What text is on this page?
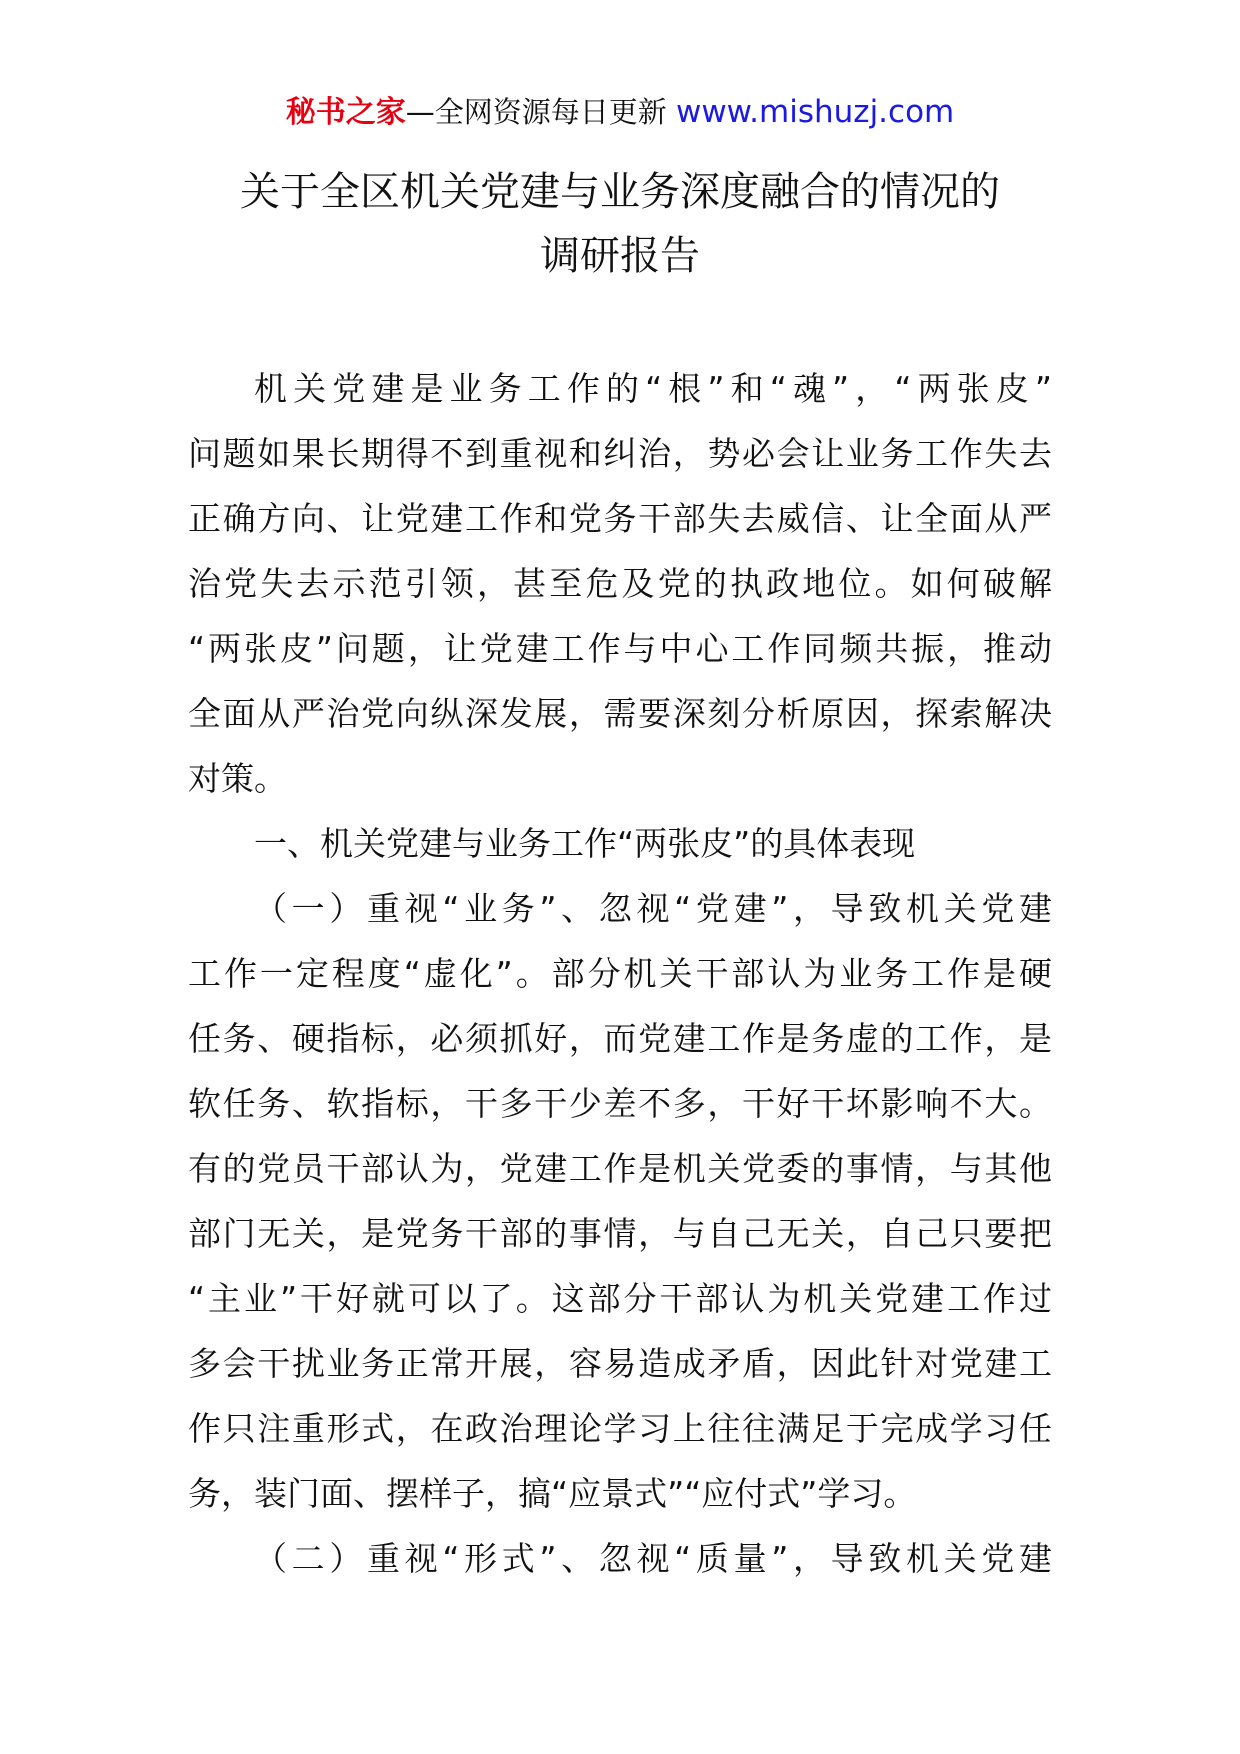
秘书之家—全网资源每日更新 www.mishuzj.com
关于全区机关党建与业务深度融合的情况的
调研报告
机关党建是业务工作的“根”和“魂”，“两张皮”
问题如果长期得不到重视和纠治，势必会让业务工作失去
正确方向、让党建工作和党务干部失去威信、让全面从严
治党失去示范引领，甚至危及党的执政地位。如何破解
“两张皮”问题，让党建工作与中心工作同频共振，推动
全面从严治党向纵深发展，需要深刻分析原因，探索解决
对策。
一、机关党建与业务工作“两张皮”的具体表现
（一）重视“业务”、忽视“党建”，导致机关党建
工作一定程度“虚化”。部分机关干部认为业务工作是硬
任务、硬指标，必须抓好，而党建工作是务虚的工作，是
软任务、软指标，干多干少差不多，干好干坏影响不大。
有的党员干部认为，党建工作是机关党委的事情，与其他
部门无关，是党务干部的事情，与自己无关，自己只要把
“主业”干好就可以了。这部分干部认为机关党建工作过
多会干扰业务正常开展，容易造成矛盾，因此针对党建工
作只注重形式，在政治理论学习上往往满足于完成学习任
务，装门面、摆样子，搞“应景式”“应付式”学习。
（二）重视“形式”、忽视“质量”，导致机关党建
